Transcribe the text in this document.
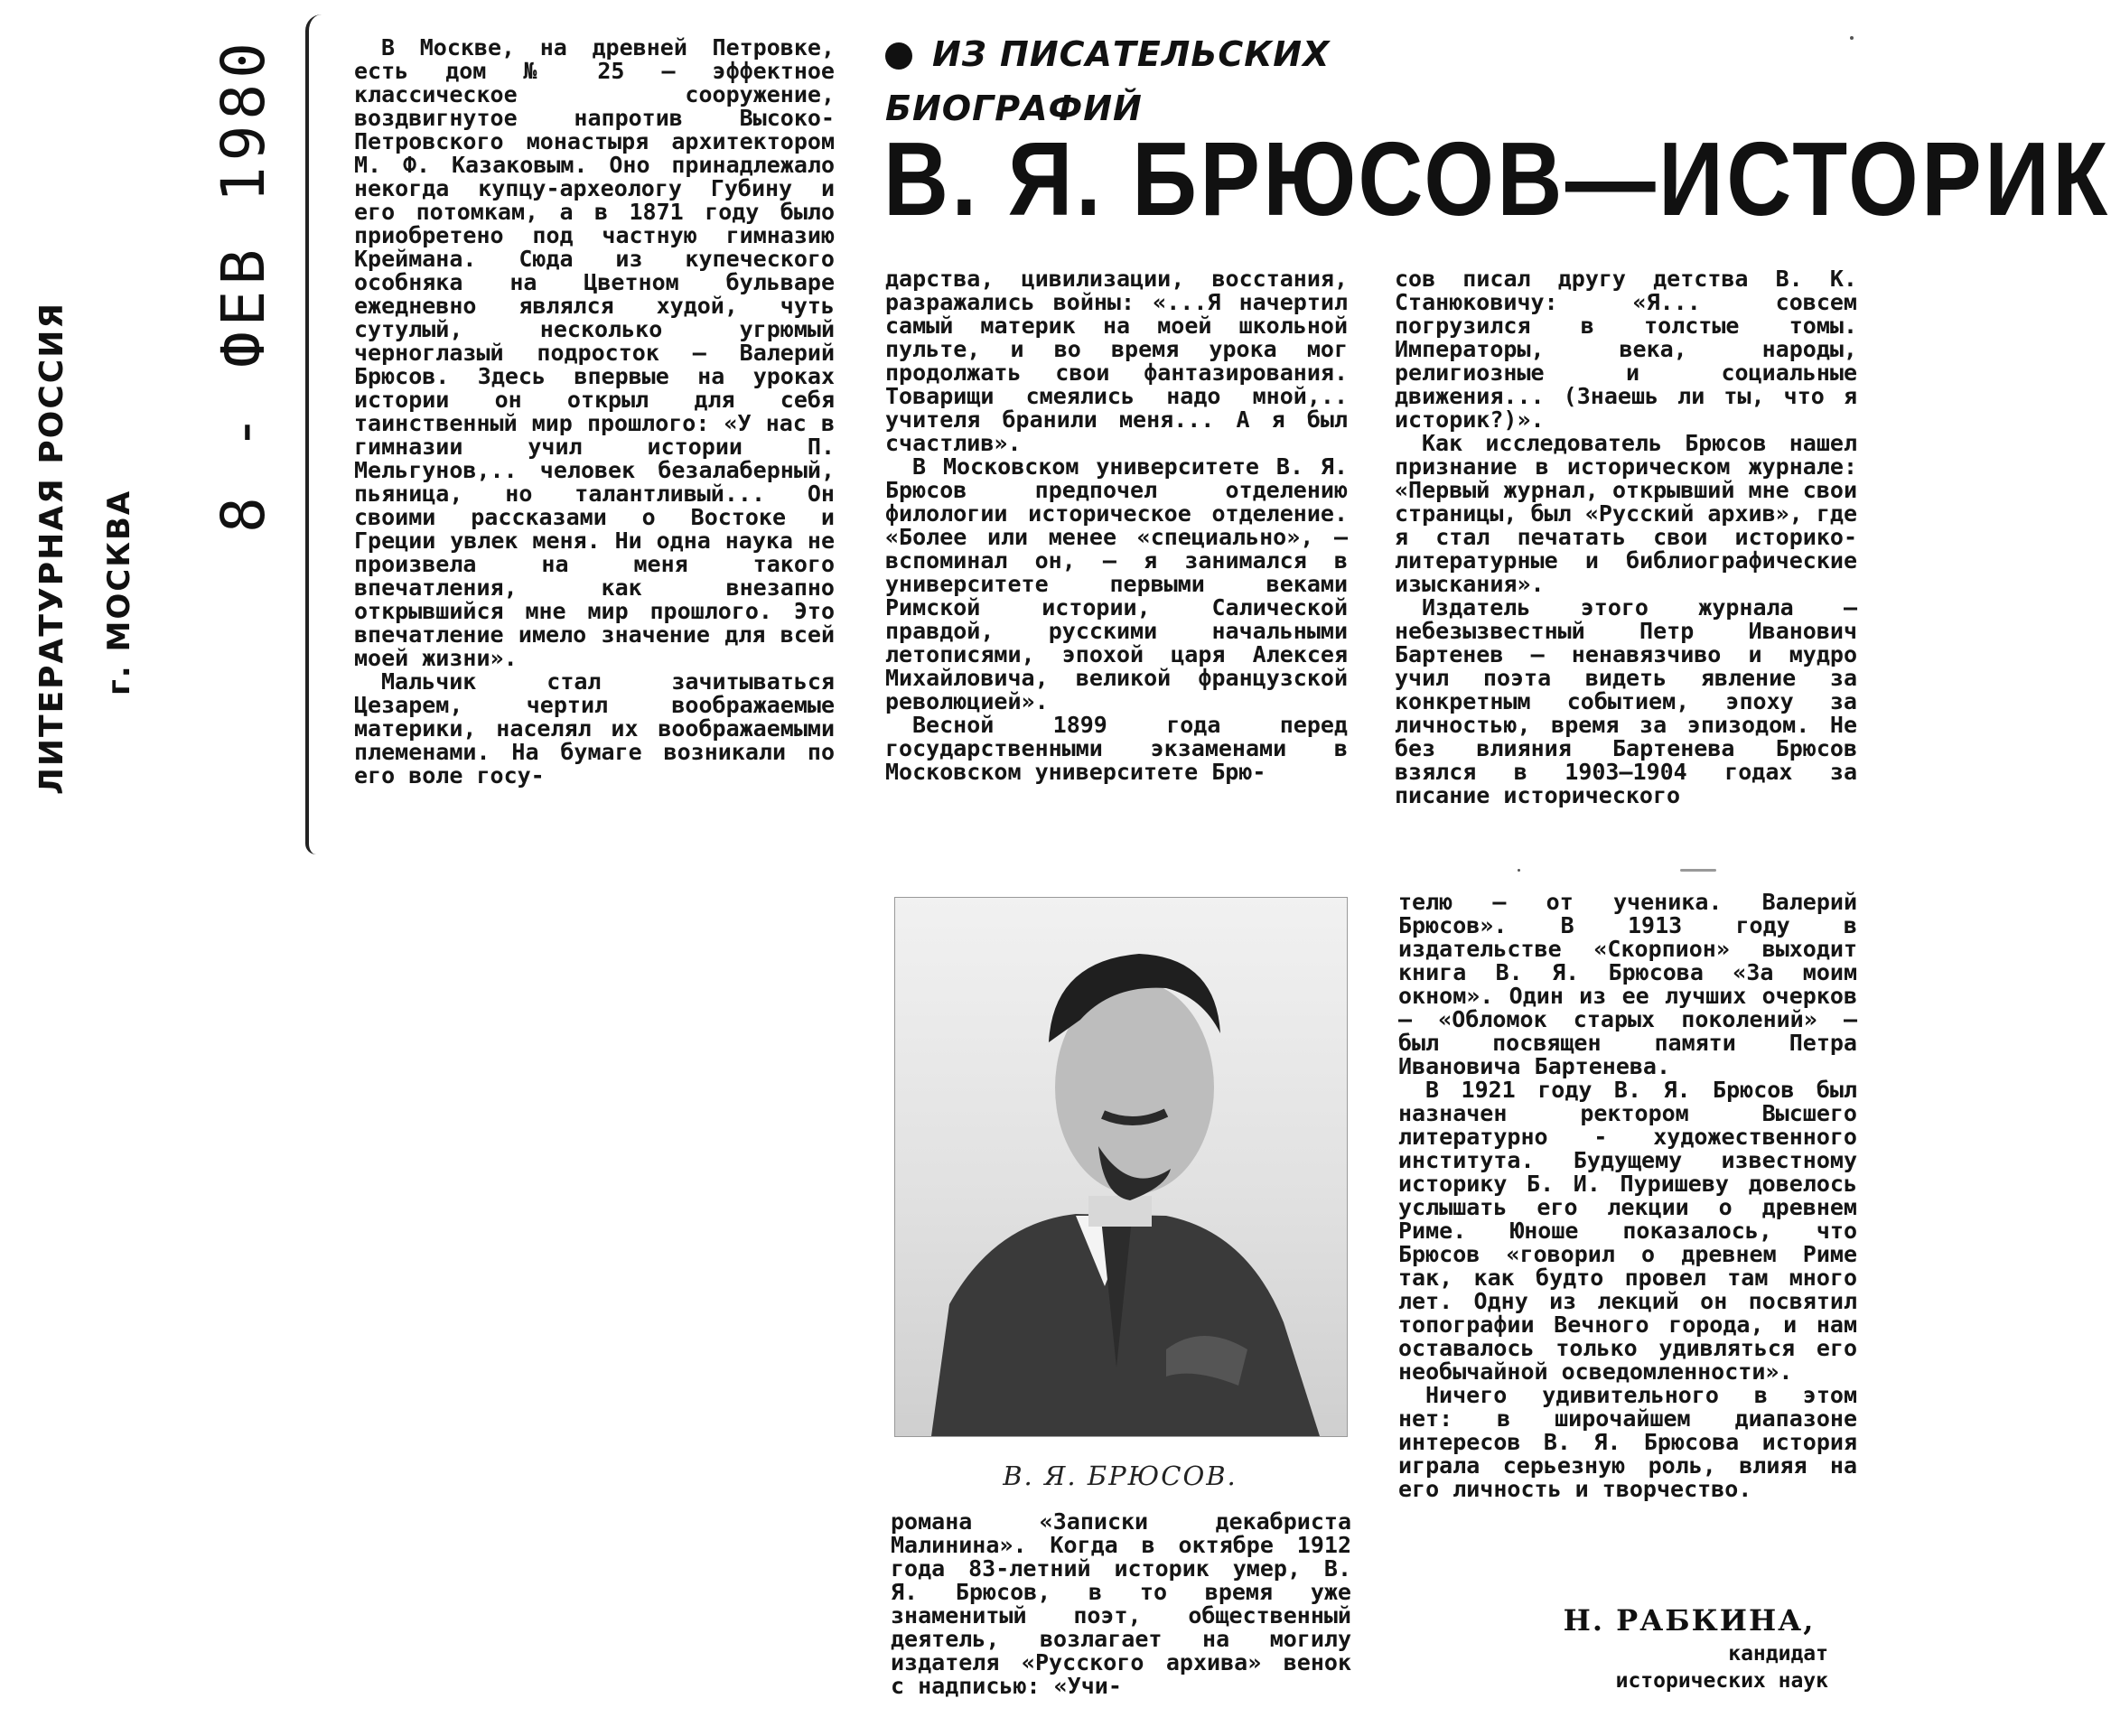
ЛИТЕРАТУРНАЯ РОССИЯ г. МОСКВА
8 - ФЕВ 1980	В Москве, на древней Петровке, есть дом № 25 — эффектное классическое сооружение, воздвигнутое напротив Высоко-Петровского монастыря архитектором М. Ф. Казаковым. Оно принадлежало некогда купцу-археологу Губину и его потомкам, а в 1871 году было приобретено под частную гимназию Креймана. Сюда из купеческого особняка на Цветном бульваре ежедневно являлся худой, чуть сутулый, несколько угрюмый черноглазый подросток — Валерий Брюсов. Здесь впервые на уроках истории он открыл для себя таинственный мир прошлого: «У нас в гимназии учил истории П. Мельгунов,.. человек безалаберный, пьяница, но талантливый... Он своими рассказами о Востоке и Греции увлек меня. Ни одна наука не произвела на меня такого впечатления, как внезапно открывшийся мне мир прошлого. Это впечатление имело значение для всей моей жизни».

Мальчик стал зачитываться Цезарем, чертил воображаемые материки, населял их воображаемыми племенами. На бумаге возникали по его воле госу-

ИЗ ПИСАТЕЛЬСКИХ БИОГРАФИЙ
В. Я. БРЮСОВ—ИСТОРИК

дарства, цивилизации, восстания, разражались войны: «...Я начертил самый материк на моей школьной пульте, и во время урока мог продолжать свои фантазирования. Товарищи смеялись надо мной,.. учителя бранили меня... А я был счастлив».

В Московском университете В. Я. Брюсов предпочел отделению филологии историческое отделение. «Более или менее «специально», — вспоминал он, — я занимался в университете первыми веками Римской истории, Салической правдой, русскими начальными летописями, эпохой царя Алексея Михайловича, великой французской революцией».

Весной 1899 года перед государственными экзаменами в Московском университете Брю-

сов писал другу детства В. К. Станюковичу: «Я... совсем погрузился в толстые томы. Императоры, века, народы, религиозные и социальные движения... (Знаешь ли ты, что я историк?)».

Как исследователь Брюсов нашел признание в историческом журнале: «Первый журнал, открывший мне свои страницы, был «Русский архив», где я стал печатать свои историко-литературные и библиографические изыскания».

Издатель этого журнала — небезызвестный Петр Иванович Бартенев — ненавязчиво и мудро учил поэта видеть явление за конкретным событием, эпоху за личностью, время за эпизодом. Не без влияния Бартенева Брюсов взялся в 1903—1904 годах за писание исторического

В. Я. БРЮСОВ.

романа «Записки декабриста Малинина». Когда в октябре 1912 года 83-летний историк умер, В. Я. Брюсов, в то время уже знаменитый поэт, общественный деятель, возлагает на могилу издателя «Русского архива» венок с надписью: «Учи-

телю — от ученика. Валерий Брюсов». В 1913 году в издательстве «Скорпион» выходит книга В. Я. Брюсова «За моим окном». Один из ее лучших очерков — «Обломок старых поколений» — был посвящен памяти Петра Ивановича Бартенева.

В 1921 году В. Я. Брюсов был назначен ректором Высшего литературно - художественного института. Будущему известному историку Б. И. Пуришеву довелось услышать его лекции о древнем Риме. Юноше показалось, что Брюсов «говорил о древнем Риме так, как будто провел там много лет. Одну из лекций он посвятил топографии Вечного города, и нам оставалось только удивляться его необычайной осведомленности».

Ничего удивительного в этом нет: в широчайшем диапазоне интересов В. Я. Брюсова история играла серьезную роль, влияя на его личность и творчество.

Н. РАБКИНА,
кандидат
исторических наук
